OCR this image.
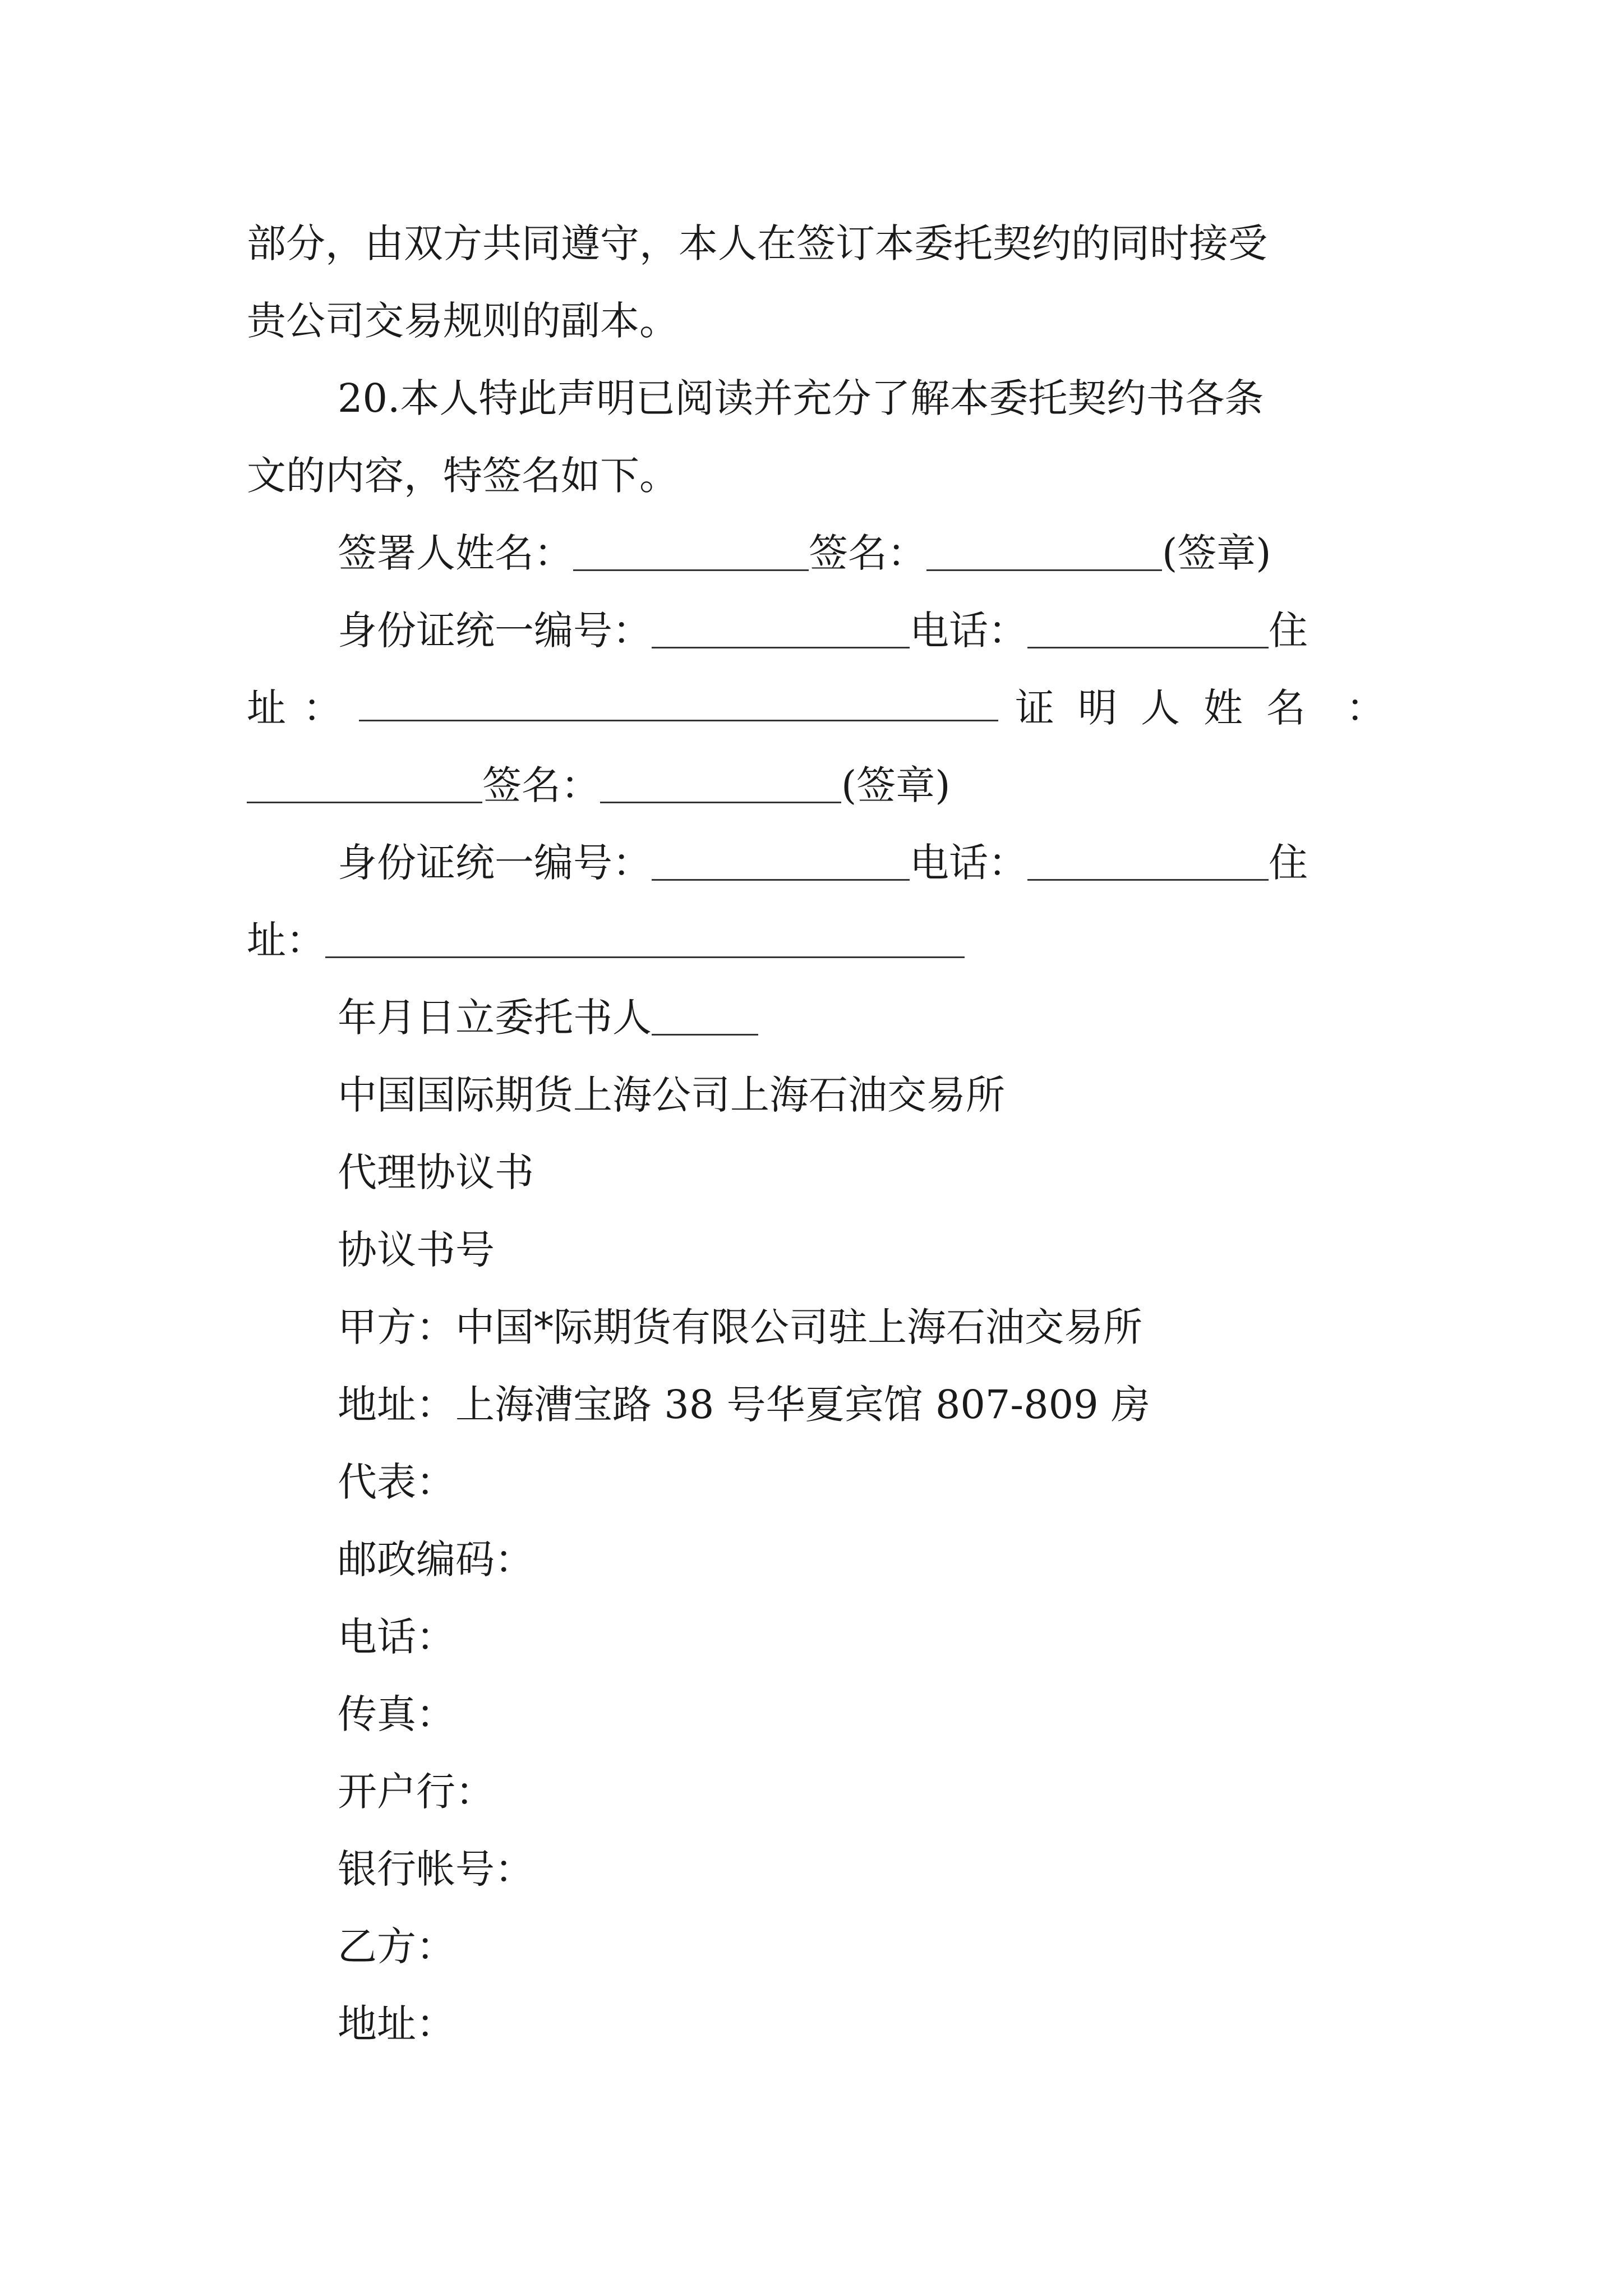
部分，由双方共同遵守，本人在签订本委托契约的同时接受
贵公司交易规则的副本。
20.本人特此声明已阅读并充分了解本委托契约书各条
文的内容，特签名如下。
签署人姓名：	签名：	(签章)
身份证统一编号：	电话：	住
址 ：	证明人姓名 ：
签名：	(签章)
身份证统一编号：	电话：	住
址：
年月日立委托书人
中国国际期货上海公司上海石油交易所
代理协议书
协议书号
甲方：中国*际期货有限公司驻上海石油交易所
地址：上海漕宝路 38 号华夏宾馆 807-809 房
代表：
邮政编码：
电话：
传真：
开户行：
银行帐号：
乙方：
地址：
